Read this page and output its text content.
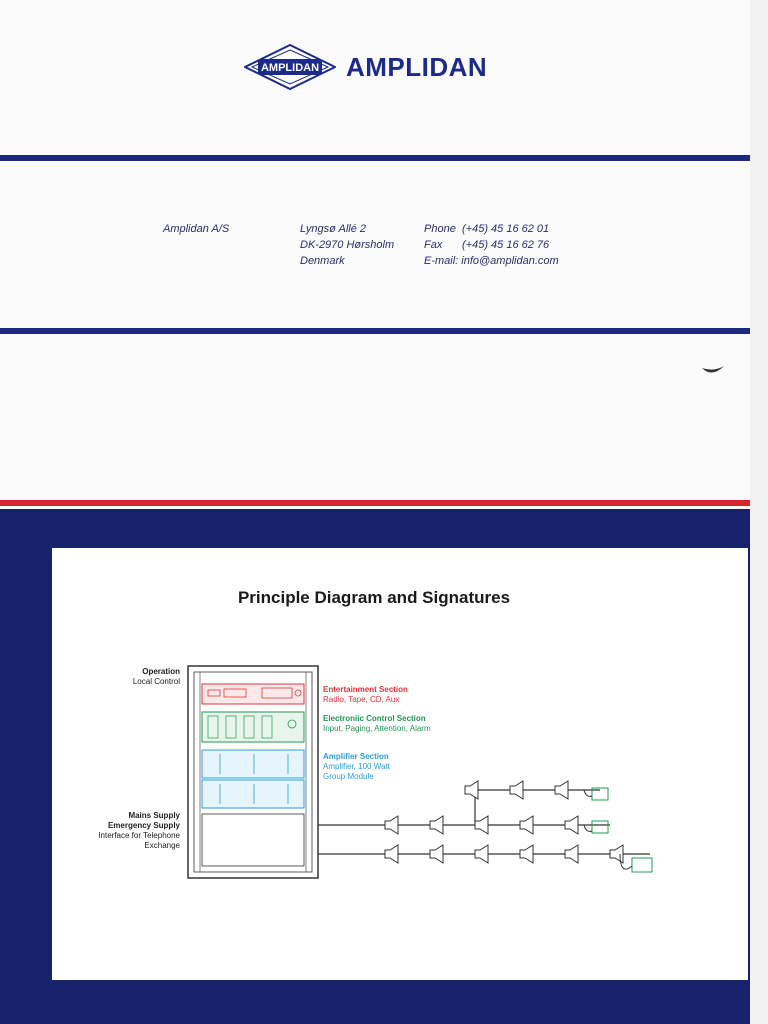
AMPLIDAN AMPLIDAN
Amplidan A/S	Lyngsø Allé 2
DK-2970 Hørsholm
Denmark
Phone (+45) 45 16 62 01
Fax (+45) 45 16 62 76
E-mail: info@amplidan.com
Principle Diagram and Signatures
Operation
Local Control
Mains Supply
Emergency Supply
Interface for Telephone
Exchange
Entertainment Section
Radio, Tape, CD, Aux
Electroniic Control Section
Input, Paging, Attention, Alarm
Amplifier Section
Amplifier, 100 Watt
Group Module
